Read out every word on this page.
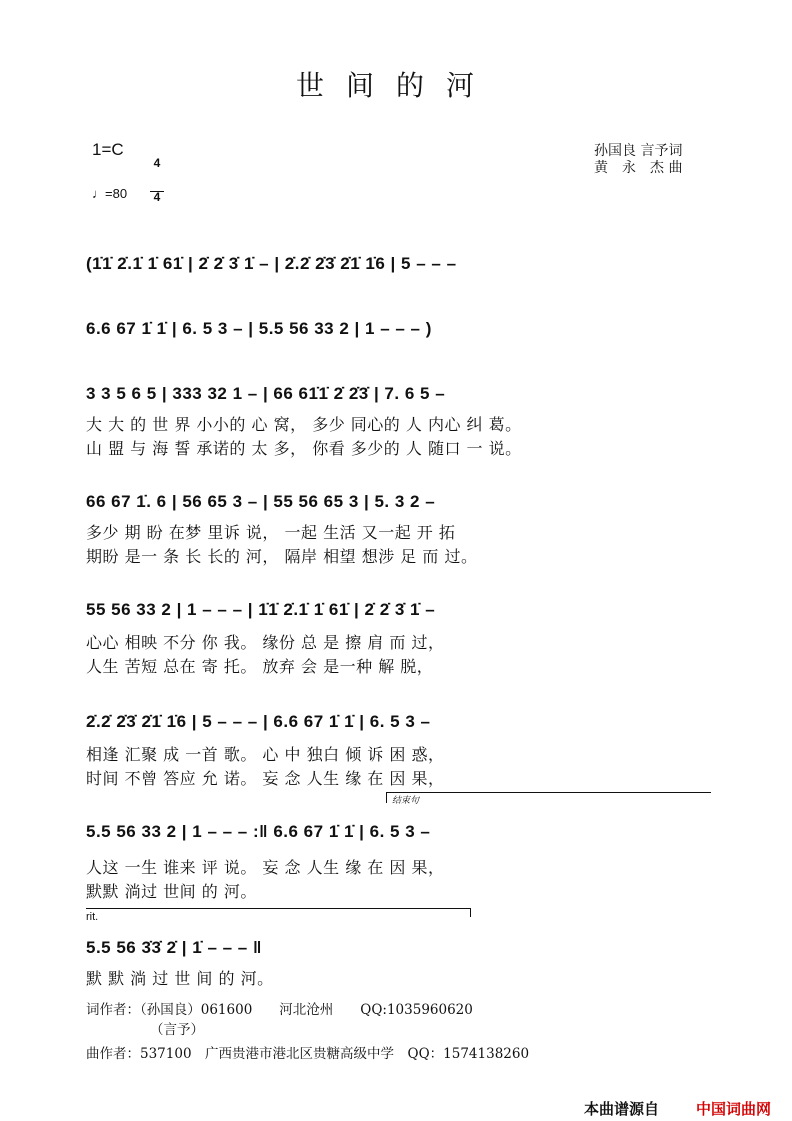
世间的河
1=C

4

4

♩=80
孙国良 言予词
黄　永　杰 曲
(1̇1̇ 2̇.1̇ 1̇ 61̇ | 2̇ 2̇ 3̇ 1̇ – | 2̇.2̇ 2̇3̇ 2̇1̇ 1̇6 | 5 – – –
6.6 67 1̇ 1̇ | 6. 5 3 – | 5.5 56 33 2 | 1 – – – )
3 3 5 6 5 | 333 32 1 – | 66 61̇1̇ 2̇ 2̇3̇ | 7. 6 5 –
大 大 的 世 界 小小的 心 窝， 多少 同心的 人 内心 纠 葛。
山 盟 与 海 誓 承诺的 太 多， 你看 多少的 人 随口 一 说。
66 67 1̇. 6 | 56 65 3 – | 55 56 65 3 | 5. 3 2 –
多少 期 盼 在梦 里诉 说， 一起 生活 又一起 开 拓
期盼 是一 条 长 长的 河， 隔岸 相望 想涉 足 而 过。
55 56 33 2 | 1 – – – | 1̇1̇ 2̇.1̇ 1̇ 61̇ | 2̇ 2̇ 3̇ 1̇ –
心心 相映 不分 你 我。 缘份 总 是 擦 肩 而 过，
人生 苦短 总在 寄 托。 放弃 会 是一种 解 脱，
2̇.2̇ 2̇3̇ 2̇1̇ 1̇6 | 5 – – – | 6.6 67 1̇ 1̇ | 6. 5 3 –
相逢 汇聚 成 一首 歌。 心 中 独白 倾 诉 困 惑，
时间 不曾 答应 允 诺。 妄 念 人生 缘 在 因 果，
结束句
5.5 56 33 2 | 1 – – – :‖ 6.6 67 1̇ 1̇ | 6. 5 3 –
人这 一生 谁来 评 说。 妄 念 人生 缘 在 因 果，
默默 淌过 世间 的 河。
rit.
5.5 56 3̇3̇ 2̇ | 1̇ – – – ‖
默 默 淌 过 世 间 的 河。
词作者：（孙国良）061600　　河北沧州　　QQ:1035960620
（言予）
曲作者：537100　广西贵港市港北区贵糖高级中学　QQ：1574138260
本曲谱源自 中国词曲网
